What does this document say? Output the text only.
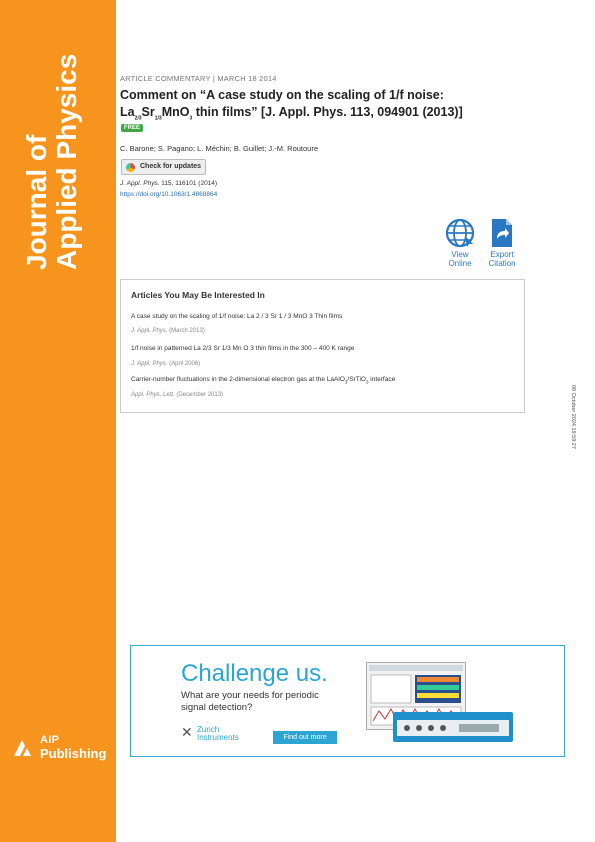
Journal of Applied Physics
AIP
Publishing
ARTICLE COMMENTARY | MARCH 18 2014
Comment on “A case study on the scaling of 1/f noise:
$La_{2/3}Sr_{1/3}MnO_3$ thin films” [J. Appl. Phys. 113, 094901 (2013)]
FREE
C. Barone; S. Pagano; L. Méchin; B. Guillet; J.-M. Routoure
Check for updates
J. Appl. Phys. 115, 116101 (2014)
https://doi.org/10.1063/1.4868864
View
Online
Export
Citation
Articles You May Be Interested In
A case study on the scaling of 1/f noise: La 2 / 3 Sr 1 / 3 MnO 3 Thin films
J. Appl. Phys. (March 2013)
1/f noise in patterned La 2/3 Sr 1/3 Mn O 3 thin films in the 300 – 400 K range
J. Appl. Phys. (April 2006)
Carrier-number fluctuations in the 2-dimensional electron gas at the LaAlO$_3$/SrTiO$_3$ interface
Appl. Phys. Lett. (December 2013)	08 October 2024 19:59:27
Challenge us.
What are your needs for periodic signal detection?
✕ Zurich Instruments	Find out more
